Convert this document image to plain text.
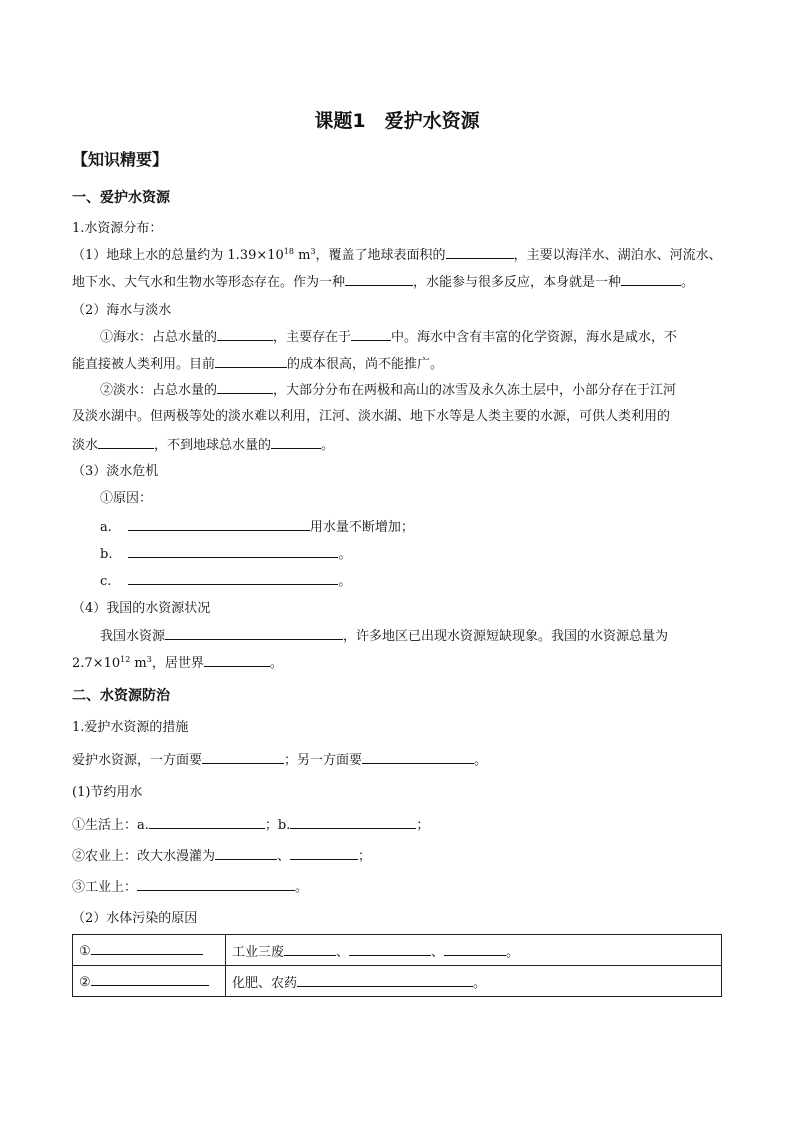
课题1　爱护水资源
【知识精要】
一、爱护水资源
1.水资源分布：
（1）地球上水的总量约为 $1.39\times 10^{18}$ $m^3$，覆盖了地球表面积的	，主要以海洋水、湖泊水、河流水、
地下水、大气水和生物水等形态存在。作为一种	，水能参与很多反应，本身就是一种	。
（2）海水与淡水
①海水：占总水量的	，主要存在于	中。海水中含有丰富的化学资源，海水是咸水，不
能直接被人类利用。目前	的成本很高，尚不能推广。
②淡水：占总水量的	，大部分分布在两极和高山的冰雪及永久冻土层中，小部分存在于江河
及淡水湖中。但两极等处的淡水难以利用，江河、淡水湖、地下水等是人类主要的水源，可供人类利用的
淡水	，不到地球总水量的	。
（3）淡水危机
①原因：
a.	用水量不断增加；
b.	。
c.	。
（4）我国的水资源状况
我国水资源	，许多地区已出现水资源短缺现象。我国的水资源总量为
$2.7\times 10^{12}$ $m^3$，居世界	。
二、水资源防治
1.爱护水资源的措施
爱护水资源，一方面要	；另一方面要	。
(1)节约用水
①生活上：a.	；b.	；
②农业上：改大水漫灌为	、	；
③工业上：	。
（2）水体污染的原因
①	工业三废 、 、 。
②	化肥、农药 。
